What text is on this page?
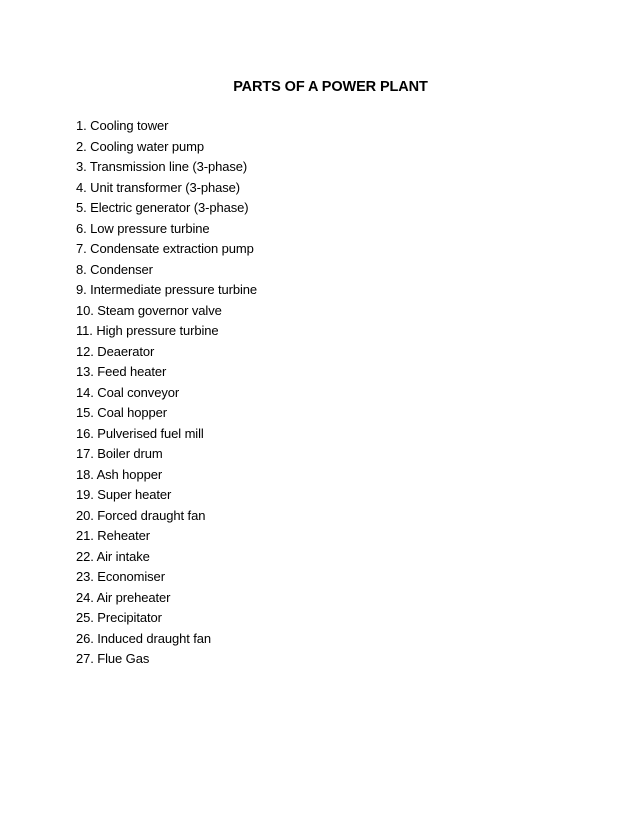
PARTS OF A POWER PLANT
1. Cooling tower
2. Cooling water pump
3. Transmission line (3-phase)
4. Unit transformer (3-phase)
5. Electric generator (3-phase)
6. Low pressure turbine
7. Condensate extraction pump
8. Condenser
9. Intermediate pressure turbine
10. Steam governor valve
11. High pressure turbine
12. Deaerator
13. Feed heater
14. Coal conveyor
15. Coal hopper
16. Pulverised fuel mill
17. Boiler drum
18. Ash hopper
19. Super heater
20. Forced draught fan
21. Reheater
22. Air intake
23. Economiser
24. Air preheater
25. Precipitator
26. Induced draught fan
27. Flue Gas
